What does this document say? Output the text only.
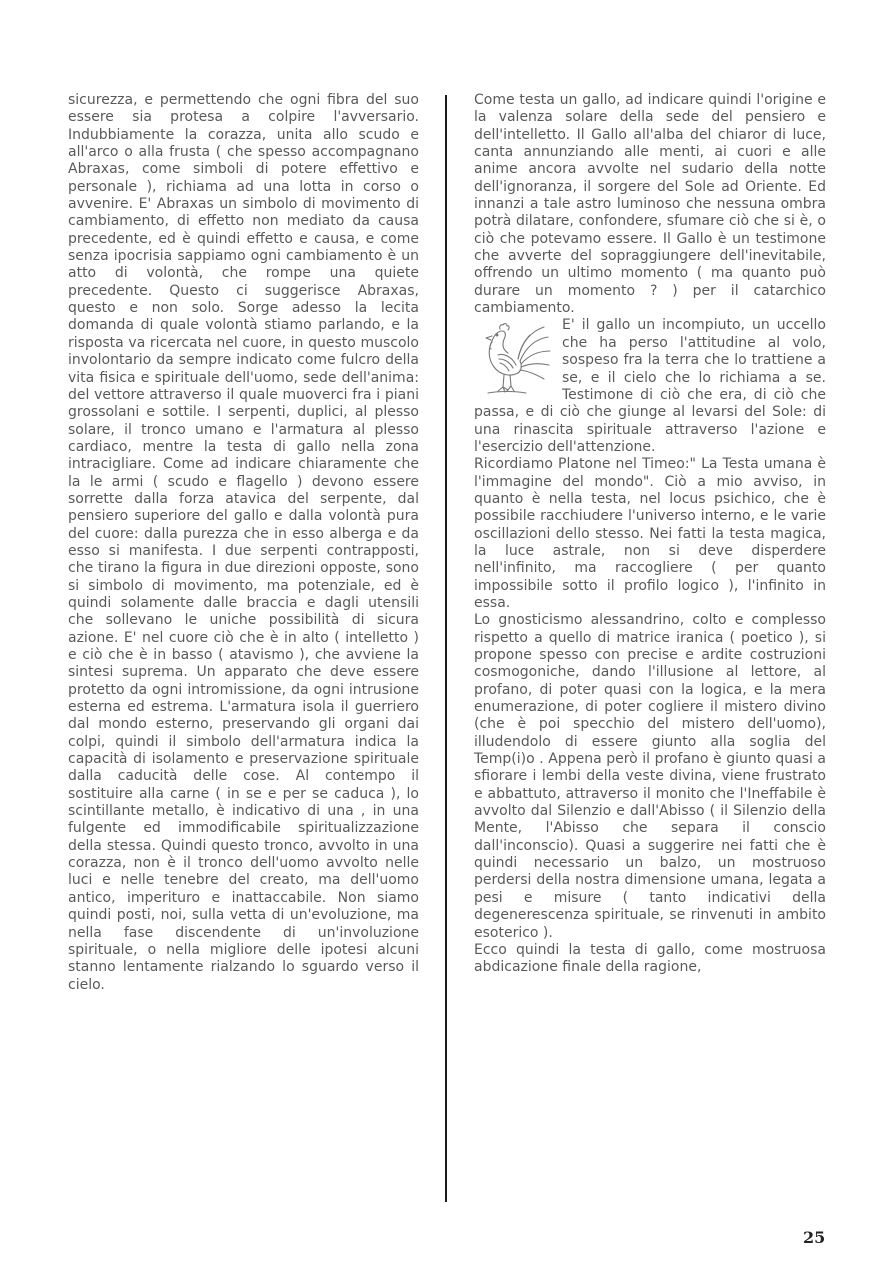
sicurezza, e permettendo che ogni fibra del suo essere sia protesa a colpire l'avversario. Indubbiamente la corazza, unita allo scudo e all'arco o alla frusta ( che spesso accompagnano Abraxas, come simboli di potere effettivo e personale ), richiama ad una lotta in corso o avvenire. E' Abraxas un simbolo di movimento di cambiamento, di effetto non mediato da causa precedente, ed è quindi effetto e causa, e come senza ipocrisia sappiamo ogni cambiamento è un atto di volontà, che rompe una quiete precedente. Questo ci suggerisce Abraxas, questo e non solo. Sorge adesso la lecita domanda di quale volontà stiamo parlando, e la risposta va ricercata nel cuore, in questo muscolo involontario da sempre indicato come fulcro della vita fisica e spirituale dell'uomo, sede dell'anima: del vettore attraverso il quale muoverci fra i piani grossolani e sottile. I serpenti, duplici, al plesso solare, il tronco umano e l'armatura al plesso cardiaco, mentre la testa di gallo nella zona intracigliare. Come ad indicare chiaramente che la le armi ( scudo e flagello ) devono essere sorrette dalla forza atavica del serpente, dal pensiero superiore del gallo e dalla volontà pura del cuore: dalla purezza che in esso alberga e da esso si manifesta. I due serpenti contrapposti, che tirano la figura in due direzioni opposte, sono si simbolo di movimento, ma potenziale, ed è quindi solamente dalle braccia e dagli utensili che sollevano le uniche possibilità di sicura azione. E' nel cuore ciò che è in alto ( intelletto ) e ciò che è in basso ( atavismo ), che avviene la sintesi suprema. Un apparato che deve essere protetto da ogni intromissione, da ogni intrusione esterna ed estrema. L'armatura isola il guerriero dal mondo esterno, preservando gli organi dai colpi, quindi il simbolo dell'armatura indica la capacità di isolamento e preservazione spirituale dalla caducità delle cose. Al contempo il sostituire alla carne ( in se e per se caduca ), lo scintillante metallo, è indicativo di una , in una fulgente ed immodificabile spiritualizzazione della stessa. Quindi questo tronco, avvolto in una corazza, non è il tronco dell'uomo avvolto nelle luci e nelle tenebre del creato, ma dell'uomo antico, imperituro e inattaccabile. Non siamo quindi posti, noi, sulla vetta di un'evoluzione, ma nella fase discendente di un'involuzione spirituale, o nella migliore delle ipotesi alcuni stanno lentamente rialzando lo sguardo verso il cielo.

Come testa un gallo, ad indicare quindi l'origine e la valenza solare della sede del pensiero e dell'intelletto. Il Gallo all'alba del chiaror di luce, canta annunziando alle menti, ai cuori e alle anime ancora avvolte nel sudario della notte dell'ignoranza, il sorgere del Sole ad Oriente. Ed innanzi a tale astro luminoso che nessuna ombra potrà dilatare, confondere, sfumare ciò che si è, o ciò che potevamo essere. Il Gallo è un testimone che avverte del sopraggiungere dell'inevitabile, offrendo un ultimo momento ( ma quanto può durare un momento ? ) per il catarchico cambiamento.

E' il gallo un incompiuto, un uccello che ha perso l'attitudine al volo, sospeso fra la terra che lo trattiene a se, e il cielo che lo richiama a se. Testimone di ciò che era, di ciò che passa, e di ciò che giunge al levarsi del Sole: di una rinascita spirituale attraverso l'azione e l'esercizio dell'attenzione.

Ricordiamo Platone nel Timeo:" La Testa umana è l'immagine del mondo". Ciò a mio avviso, in quanto è nella testa, nel locus psichico, che è possibile racchiudere l'universo interno, e le varie oscillazioni dello stesso. Nei fatti la testa magica, la luce astrale, non si deve disperdere nell'infinito, ma raccogliere ( per quanto impossibile sotto il profilo logico ), l'infinito in essa.

Lo gnosticismo alessandrino, colto e complesso rispetto a quello di matrice iranica ( poetico ), si propone spesso con precise e ardite costruzioni cosmogoniche, dando l'illusione al lettore, al profano, di poter quasi con la logica, e la mera enumerazione, di poter cogliere il mistero divino (che è poi specchio del mistero dell'uomo), illudendolo di essere giunto alla soglia del Temp(i)o . Appena però il profano è giunto quasi a sfiorare i lembi della veste divina, viene frustrato e abbattuto, attraverso il monito che l'Ineffabile è avvolto dal Silenzio e dall'Abisso ( il Silenzio della Mente, l'Abisso che separa il conscio dall'inconscio). Quasi a suggerire nei fatti che è quindi necessario un balzo, un mostruoso perdersi della nostra dimensione umana, legata a pesi e misure ( tanto indicativi della degenerescenza spirituale, se rinvenuti in ambito esoterico ).

Ecco quindi la testa di gallo, come mostruosa abdicazione finale della ragione,

25
